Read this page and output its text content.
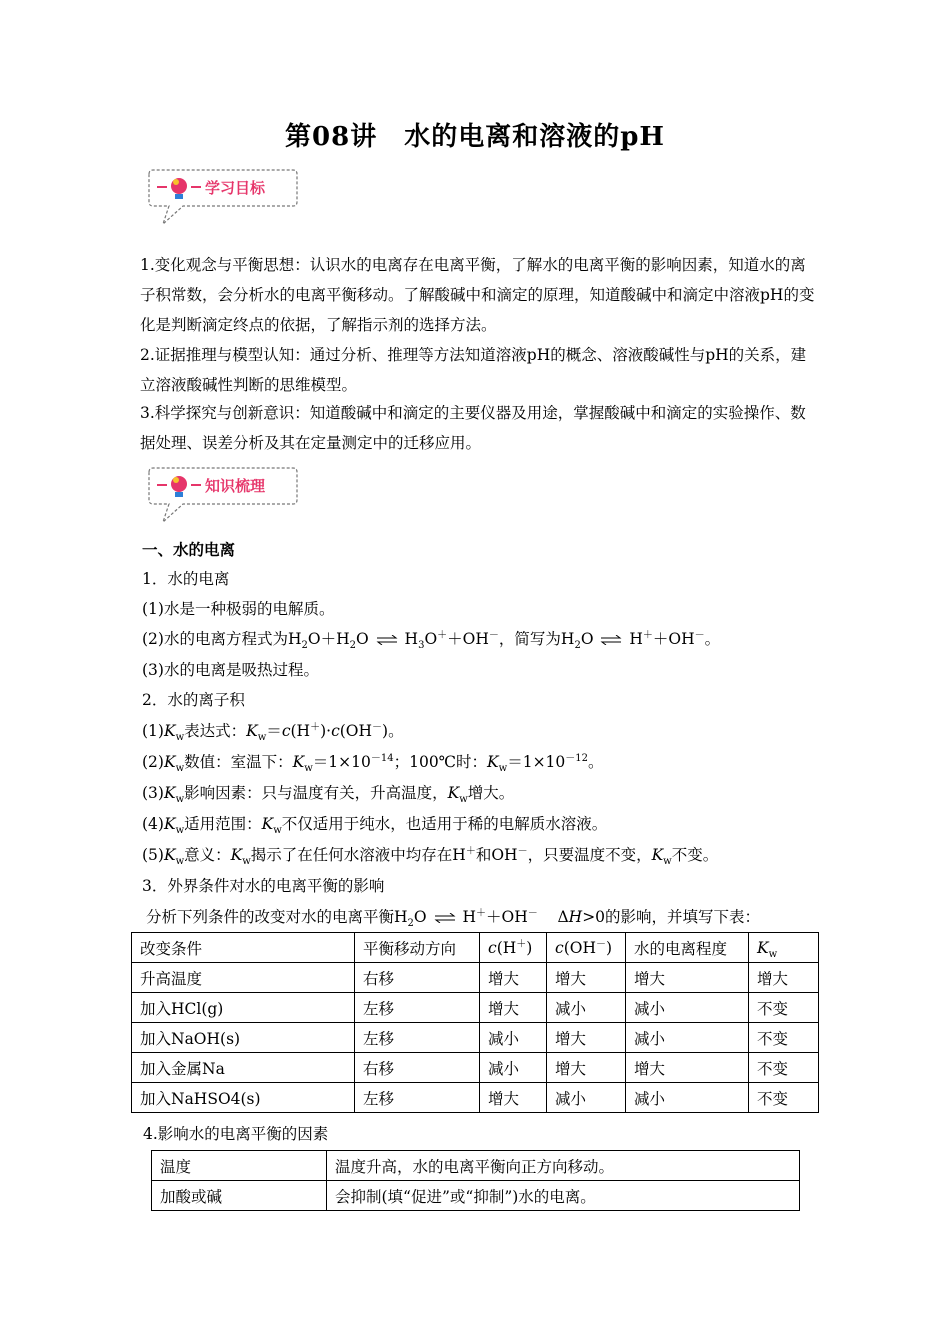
第08讲　水的电离和溶液的pH
学习目标
1.变化观念与平衡思想：认识水的电离存在电离平衡，了解水的电离平衡的影响因素，知道水的离子积常数，会分析水的电离平衡移动。了解酸碱中和滴定的原理，知道酸碱中和滴定中溶液pH的变化是判断滴定终点的依据，了解指示剂的选择方法。
2.证据推理与模型认知：通过分析、推理等方法知道溶液pH的概念、溶液酸碱性与pH的关系，建立溶液酸碱性判断的思维模型。
3.科学探究与创新意识：知道酸碱中和滴定的主要仪器及用途，掌握酸碱中和滴定的实验操作、数据处理、误差分析及其在定量测定中的迁移应用。
知识梳理
一、水的电离
1．水的电离
(1)水是一种极弱的电解质。
(2)水的电离方程式为$H_2O+H_2O$ ⇌ $H_3O^++OH^-$，简写为$H_2O$ ⇌ H＋＋OH－。
(3)水的电离是吸热过程。
2．水的离子积
$(1)K_w$表达式：$K_w=c(H^+)\cdot c(OH^-)$。
$(2)K_w$数值：室温下：$K_w=1\times 10^{-14}$；100℃时：$K_w=1\times 10^{-12}$。
$(3)K_w$影响因素：只与温度有关，升高温度，$K_w$增大。
$(4)K_w$适用范围：$K_w$不仅适用于纯水，也适用于稀的电解质水溶液。
$(5)K_w$意义：$K_w$揭示了在任何水溶液中均存在H＋和OH－，只要温度不变，$K_w$不变。
3．外界条件对水的电离平衡的影响
分析下列条件的改变对水的电离平衡$H_2O$ ⇌ H＋＋OH－    ΔH>0的影响，并填写下表：
改变条件	平衡移动方向	c(H＋)	c(OH－)	水的电离程度	$K_w$
升高温度	右移	增大	增大	增大	增大
加入HCl(g)	左移	增大	减小	减小	不变
加入NaOH(s)	左移	减小	增大	减小	不变
加入金属Na	右移	减小	增大	增大	不变
加入NaHSO4(s)	左移	增大	减小	减小	不变
4.影响水的电离平衡的因素
温度	温度升高，水的电离平衡向正方向移动。
加酸或碱	会抑制(填“促进”或“抑制”)水的电离。
